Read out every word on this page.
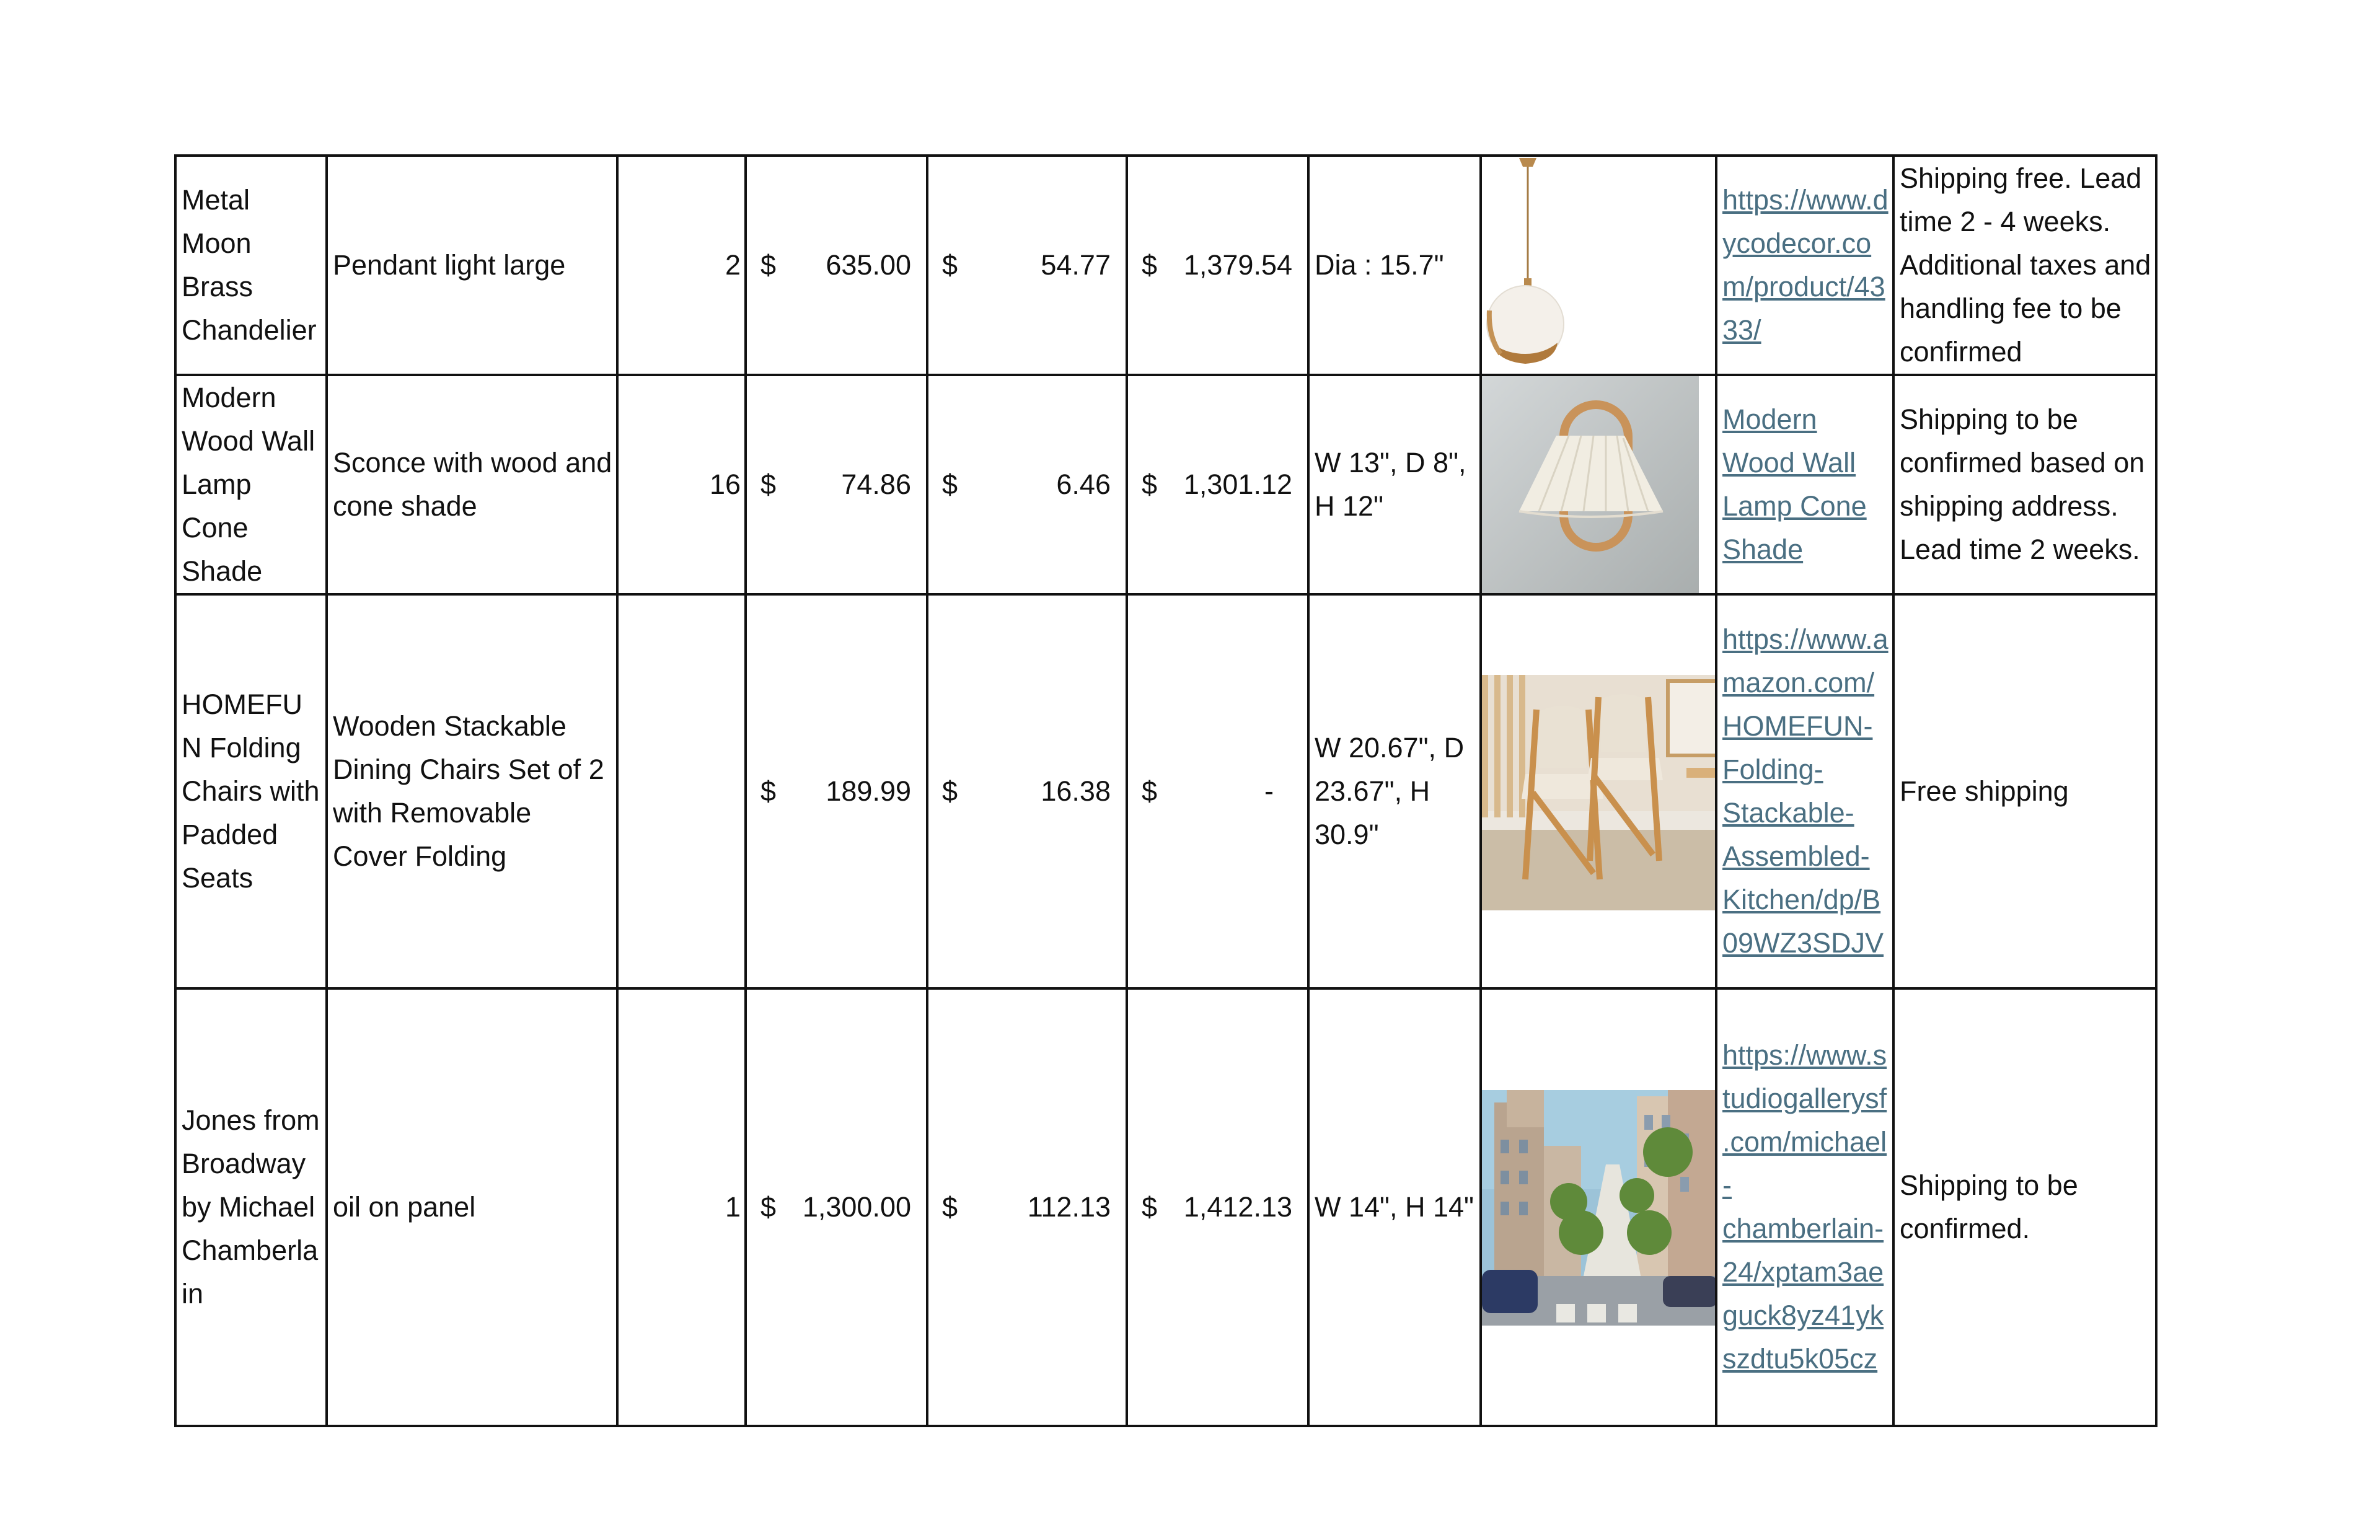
Metal Moon Brass Chandelier	Pendant light large	2	$ 635.00	$ 54.77	$ 1,379.54	Dia : 15.7"		https://www.dycodecor.com/product/4333/	Shipping free. Lead time 2 - 4 weeks. Additional taxes and handling fee to be confirmed

Modern Wood Wall Lamp Cone Shade	Sconce with wood and cone shade	16	$ 74.86	$ 6.46	$ 1,301.12	W 13", D 8", H 12"		Modern Wood Wall Lamp Cone Shade	Shipping to be confirmed based on shipping address. Lead time 2 weeks.

HOMEFUN Folding Chairs with Padded Seats	Wooden Stackable Dining Chairs Set of 2 with Removable Cover Folding		$ 189.99	$ 16.38	$ -	W 20.67", D 23.67", H 30.9"		https://www.amazon.com/HOMEFUN-Folding-Stackable-Assembled-Kitchen/dp/B09WZ3SDJV	Free shipping

Jones from Broadway by Michael Chamberlain	oil on panel	1	$ 1,300.00	$ 112.13	$ 1,412.13	W 14", H 14"		https://www.studiogallerysf.com/michael-chamberlain-24/xptam3aeguck8yz41ykszdtu5k05cz	Shipping to be confirmed.
